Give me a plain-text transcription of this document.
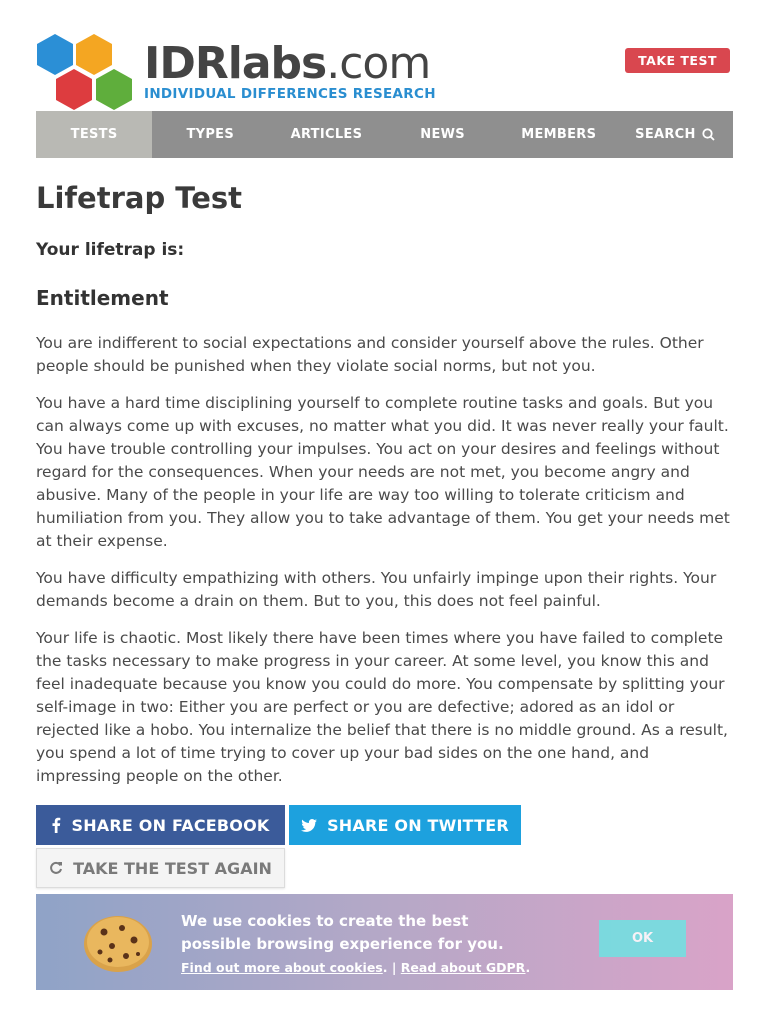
IDRlabs.com
INDIVIDUAL DIFFERENCES RESEARCH
TAKE TEST
TESTS	TYPES	ARTICLES	NEWS	MEMBERS	SEARCH
Lifetrap Test
Your lifetrap is:
Entitlement

You are indifferent to social expectations and consider yourself above the rules. Other people should be punished when they violate social norms, but not you.

You have a hard time disciplining yourself to complete routine tasks and goals. But you can always come up with excuses, no matter what you did. It was never really your fault. You have trouble controlling your impulses. You act on your desires and feelings without regard for the consequences. When your needs are not met, you become angry and abusive. Many of the people in your life are way too willing to tolerate criticism and humiliation from you. They allow you to take advantage of them. You get your needs met at their expense.

You have difficulty empathizing with others. You unfairly impinge upon their rights. Your demands become a drain on them. But to you, this does not feel painful.

Your life is chaotic. Most likely there have been times where you have failed to complete the tasks necessary to make progress in your career. At some level, you know this and feel inadequate because you know you could do more. You compensate by splitting your self-image in two: Either you are perfect or you are defective; adored as an idol or rejected like a hobo. You internalize the belief that there is no middle ground. As a result, you spend a lot of time trying to cover up your bad sides on the one hand, and impressing people on the other.

SHARE ON FACEBOOK	SHARE ON TWITTER
TAKE THE TEST AGAIN
We use cookies to create the best possible browsing experience for you.
Find out more about cookies. | Read about GDPR.
OK
